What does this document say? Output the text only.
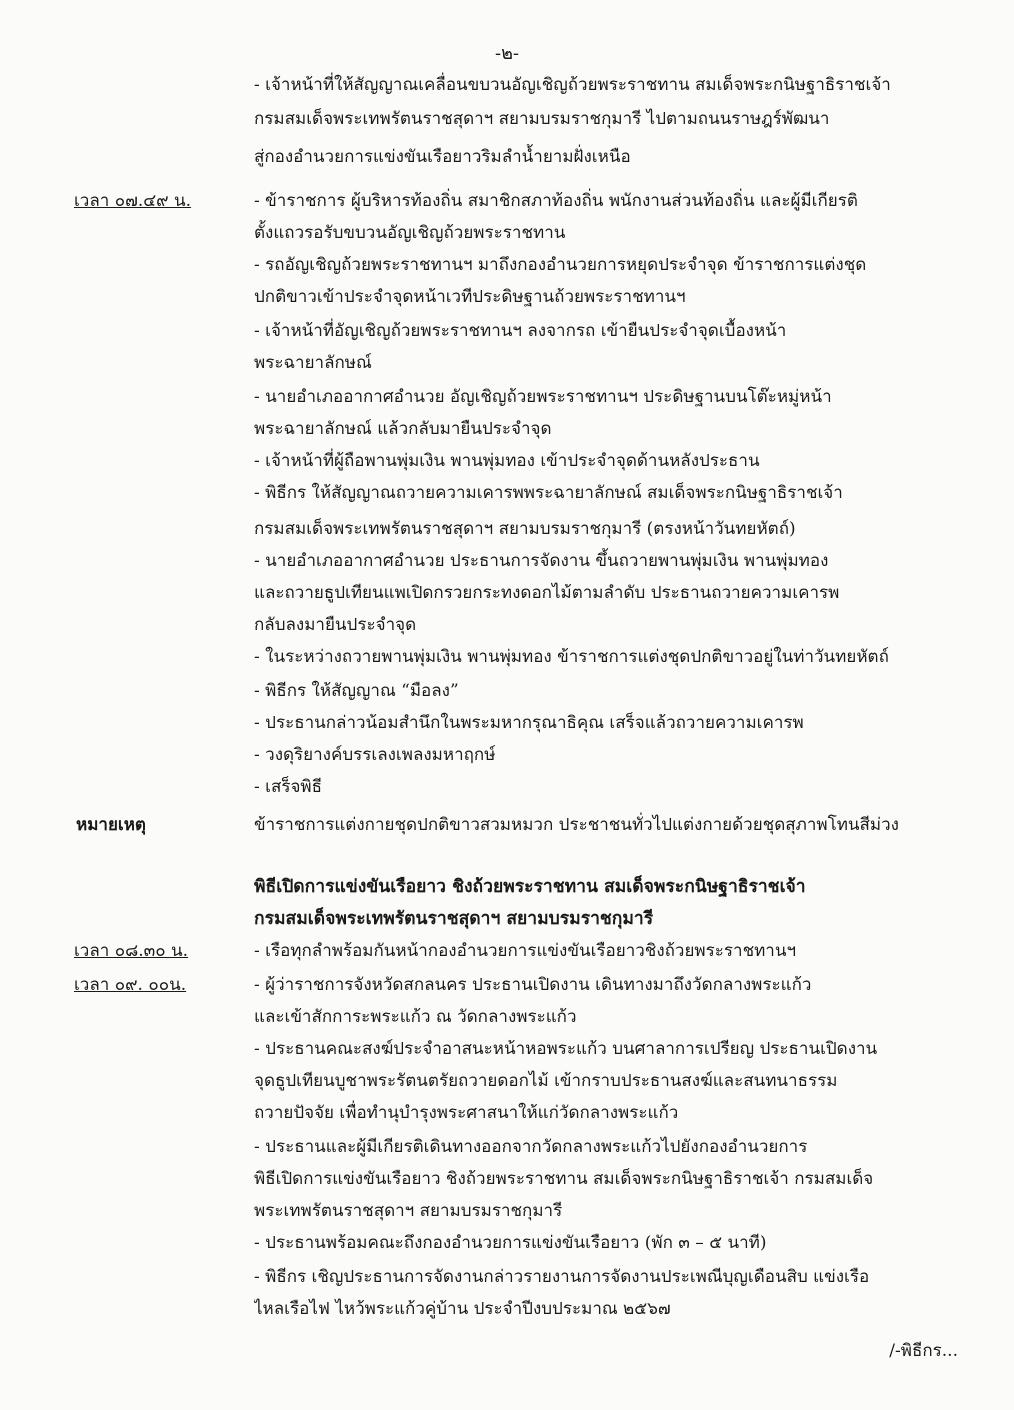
-๒-
- เจ้าหน้าที่ให้สัญญาณเคลื่อนขบวนอัญเชิญถ้วยพระราชทาน สมเด็จพระกนิษฐาธิราชเจ้า
กรมสมเด็จพระเทพรัตนราชสุดาฯ สยามบรมราชกุมารี ไปตามถนนราษฎร์พัฒนา
สู่กองอำนวยการแข่งขันเรือยาวริมลำน้ำยามฝั่งเหนือ
เวลา ๐๗.๔๙ น.	- ข้าราชการ ผู้บริหารท้องถิ่น สมาชิกสภาท้องถิ่น พนักงานส่วนท้องถิ่น และผู้มีเกียรติ
ตั้งแถวรอรับขบวนอัญเชิญถ้วยพระราชทาน
- รถอัญเชิญถ้วยพระราชทานฯ มาถึงกองอำนวยการหยุดประจำจุด ข้าราชการแต่งชุด
ปกติขาวเข้าประจำจุดหน้าเวทีประดิษฐานถ้วยพระราชทานฯ
- เจ้าหน้าที่อัญเชิญถ้วยพระราชทานฯ ลงจากรถ เข้ายืนประจำจุดเบื้องหน้า
พระฉายาลักษณ์
- นายอำเภออากาศอำนวย อัญเชิญถ้วยพระราชทานฯ ประดิษฐานบนโต๊ะหมู่หน้า
พระฉายาลักษณ์ แล้วกลับมายืนประจำจุด
- เจ้าหน้าที่ผู้ถือพานพุ่มเงิน พานพุ่มทอง เข้าประจำจุดด้านหลังประธาน
- พิธีกร ให้สัญญาณถวายความเคารพพระฉายาลักษณ์ สมเด็จพระกนิษฐาธิราชเจ้า
กรมสมเด็จพระเทพรัตนราชสุดาฯ สยามบรมราชกุมารี (ตรงหน้าวันทยหัตถ์)
- นายอำเภออากาศอำนวย ประธานการจัดงาน ขึ้นถวายพานพุ่มเงิน พานพุ่มทอง
และถวายธูปเทียนแพเปิดกรวยกระทงดอกไม้ตามลำดับ ประธานถวายความเคารพ
กลับลงมายืนประจำจุด
- ในระหว่างถวายพานพุ่มเงิน พานพุ่มทอง ข้าราชการแต่งชุดปกติขาวอยู่ในท่าวันทยหัตถ์
- พิธีกร ให้สัญญาณ “มือลง”
- ประธานกล่าวน้อมสำนึกในพระมหากรุณาธิคุณ เสร็จแล้วถวายความเคารพ
- วงดุริยางค์บรรเลงเพลงมหาฤกษ์
- เสร็จพิธี
หมายเหตุ	ข้าราชการแต่งกายชุดปกติขาวสวมหมวก ประชาชนทั่วไปแต่งกายด้วยชุดสุภาพโทนสีม่วง
พิธีเปิดการแข่งขันเรือยาว ชิงถ้วยพระราชทาน สมเด็จพระกนิษฐาธิราชเจ้า
กรมสมเด็จพระเทพรัตนราชสุดาฯ สยามบรมราชกุมารี
เวลา ๐๘.๓๐ น.	- เรือทุกลำพร้อมกันหน้ากองอำนวยการแข่งขันเรือยาวชิงถ้วยพระราชทานฯ
เวลา ๐๙. ๐๐น.	- ผู้ว่าราชการจังหวัดสกลนคร ประธานเปิดงาน เดินทางมาถึงวัดกลางพระแก้ว
และเข้าสักการะพระแก้ว ณ วัดกลางพระแก้ว
- ประธานคณะสงฆ์ประจำอาสนะหน้าหอพระแก้ว บนศาลาการเปรียญ ประธานเปิดงาน
จุดธูปเทียนบูชาพระรัตนตรัยถวายดอกไม้ เข้ากราบประธานสงฆ์และสนทนาธรรม
ถวายปัจจัย เพื่อทำนุบำรุงพระศาสนาให้แก่วัดกลางพระแก้ว
- ประธานและผู้มีเกียรติเดินทางออกจากวัดกลางพระแก้วไปยังกองอำนวยการ
พิธีเปิดการแข่งขันเรือยาว ชิงถ้วยพระราชทาน สมเด็จพระกนิษฐาธิราชเจ้า กรมสมเด็จ
พระเทพรัตนราชสุดาฯ สยามบรมราชกุมารี
- ประธานพร้อมคณะถึงกองอำนวยการแข่งขันเรือยาว (พัก ๓ – ๕ นาที)
- พิธีกร เชิญประธานการจัดงานกล่าวรายงานการจัดงานประเพณีบุญเดือนสิบ แข่งเรือ
ไหลเรือไฟ ไหว้พระแก้วคู่บ้าน ประจำปีงบประมาณ ๒๕๖๗
/-พิธีกร...
